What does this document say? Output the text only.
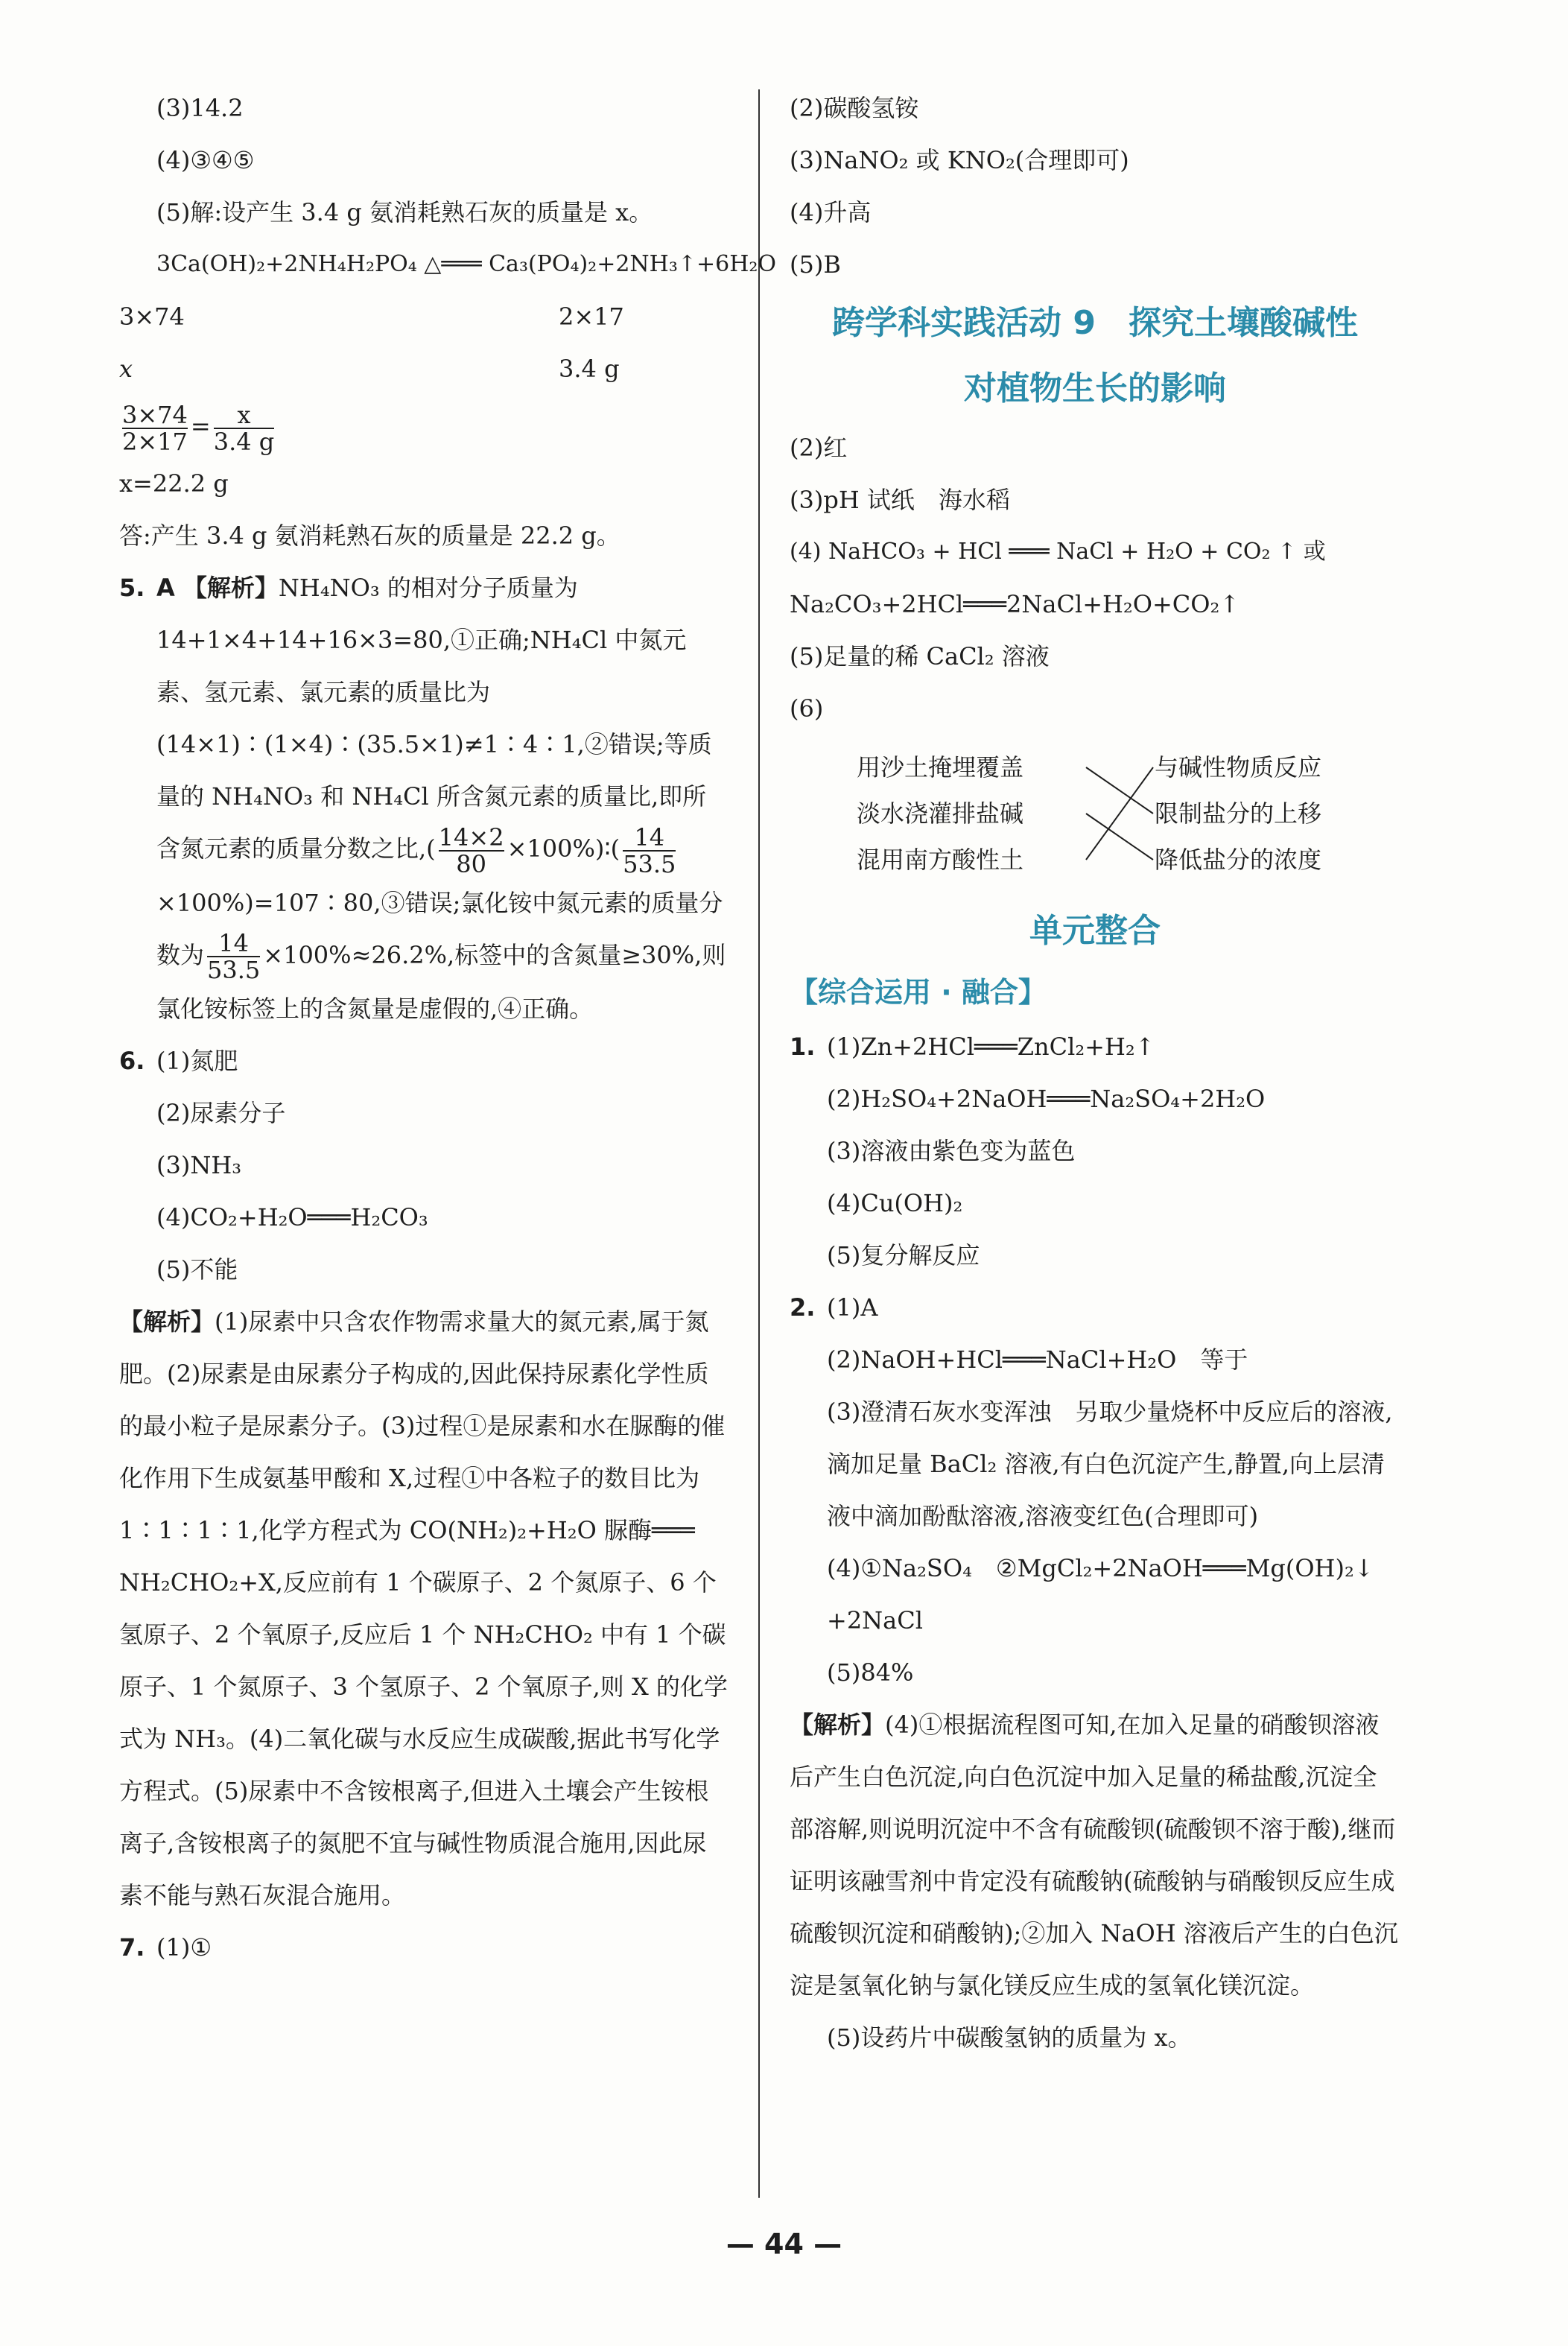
(3)14.2
(4)③④⑤
(5)解:设产生 3.4 g 氨消耗熟石灰的质量是 x。
3Ca(OH)₂+2NH₄H₂PO₄ △═══ Ca₃(PO₄)₂+2NH₃↑+6H₂O
3×74	2×17
x	3.4 g
$\frac{3\times 74}{2\times 17} = \frac{x}{3.4 g}$
x=22.2 g
答:产生 3.4 g 氨消耗熟石灰的质量是 22.2 g。
5. A 【解析】NH₄NO₃ 的相对分子质量为 14+1×4+14+16×3=80,①正确;NH₄Cl 中氮元素、氢元素、氯元素的质量比为(14×1)∶(1×4)∶(35.5×1)≠1∶4∶1,②错误;等质量的 NH₄NO₃ 和 NH₄Cl 所含氮元素的质量比,即所含氮元素的质量分数之比,( $\frac{14\times 2}{80}$ ×100%)∶( $\frac{14}{53.5}$
×100%)=107∶80,③错误;氯化铵中氮元素的质量分数为 $\frac{14}{53.5} \times 100\%\approx 26.2\%$,标签中的含氮量≥30%,则氯化铵标签上的含氮量是虚假的,④正确。
6. (1)氮肥
(2)尿素分子
(3)NH₃
(4)CO₂+H₂O═══H₂CO₃
(5)不能
【解析】(1)尿素中只含农作物需求量大的氮元素,属于氮肥。(2)尿素是由尿素分子构成的,因此保持尿素化学性质的最小粒子是尿素分子。(3)过程①是尿素和水在脲酶的催化作用下生成氨基甲酸和 X,过程①中各粒子的数目比为 1∶1∶1∶1,化学方程式为 CO(NH₂)₂+H₂O 脲酶═══ NH₂CHO₂+X,反应前有 1 个碳原子、2 个氮原子、6 个氢原子、2 个氧原子,反应后 1 个 NH₂CHO₂ 中有 1 个碳原子、1 个氮原子、3 个氢原子、2 个氧原子,则 X 的化学式为 NH₃。(4)二氧化碳与水反应生成碳酸,据此书写化学方程式。(5)尿素中不含铵根离子,但进入土壤会产生铵根离子,含铵根离子的氮肥不宜与碱性物质混合施用,因此尿素不能与熟石灰混合施用。
7. (1)①
(2)碳酸氢铵
(3)NaNO₂ 或 KNO₂(合理即可)
(4)升高
(5)B
跨学科实践活动 9　探究土壤酸碱性
对植物生长的影响
(2)红
(3)pH 试纸　海水稻
(4) NaHCO₃ + HCl ═══ NaCl + H₂O + CO₂ ↑ 或
Na₂CO₃+2HCl═══2NaCl+H₂O+CO₂↑
(5)足量的稀 CaCl₂ 溶液
(6)
用沙土掩埋覆盖
淡水浇灌排盐碱
混用南方酸性土
与碱性物质反应
限制盐分的上移
降低盐分的浓度
单元整合
【综合运用 · 融合】
1. (1)Zn+2HCl═══ZnCl₂+H₂↑
(2)H₂SO₄+2NaOH═══Na₂SO₄+2H₂O
(3)溶液由紫色变为蓝色
(4)Cu(OH)₂
(5)复分解反应
2. (1)A
(2)NaOH+HCl═══NaCl+H₂O　等于
(3)澄清石灰水变浑浊　另取少量烧杯中反应后的溶液,滴加足量 BaCl₂ 溶液,有白色沉淀产生,静置,向上层清液中滴加酚酞溶液,溶液变红色(合理即可)
(4)①Na₂SO₄　②MgCl₂+2NaOH═══Mg(OH)₂↓
+2NaCl
(5)84%
【解析】(4)①根据流程图可知,在加入足量的硝酸钡溶液后产生白色沉淀,向白色沉淀中加入足量的稀盐酸,沉淀全部溶解,则说明沉淀中不含有硫酸钡(硫酸钡不溶于酸),继而证明该融雪剂中肯定没有硫酸钠(硫酸钠与硝酸钡反应生成硫酸钡沉淀和硝酸钠);②加入 NaOH 溶液后产生的白色沉淀是氢氧化钠与氯化镁反应生成的氢氧化镁沉淀。
(5)设药片中碳酸氢钠的质量为 x。
— 44 —
